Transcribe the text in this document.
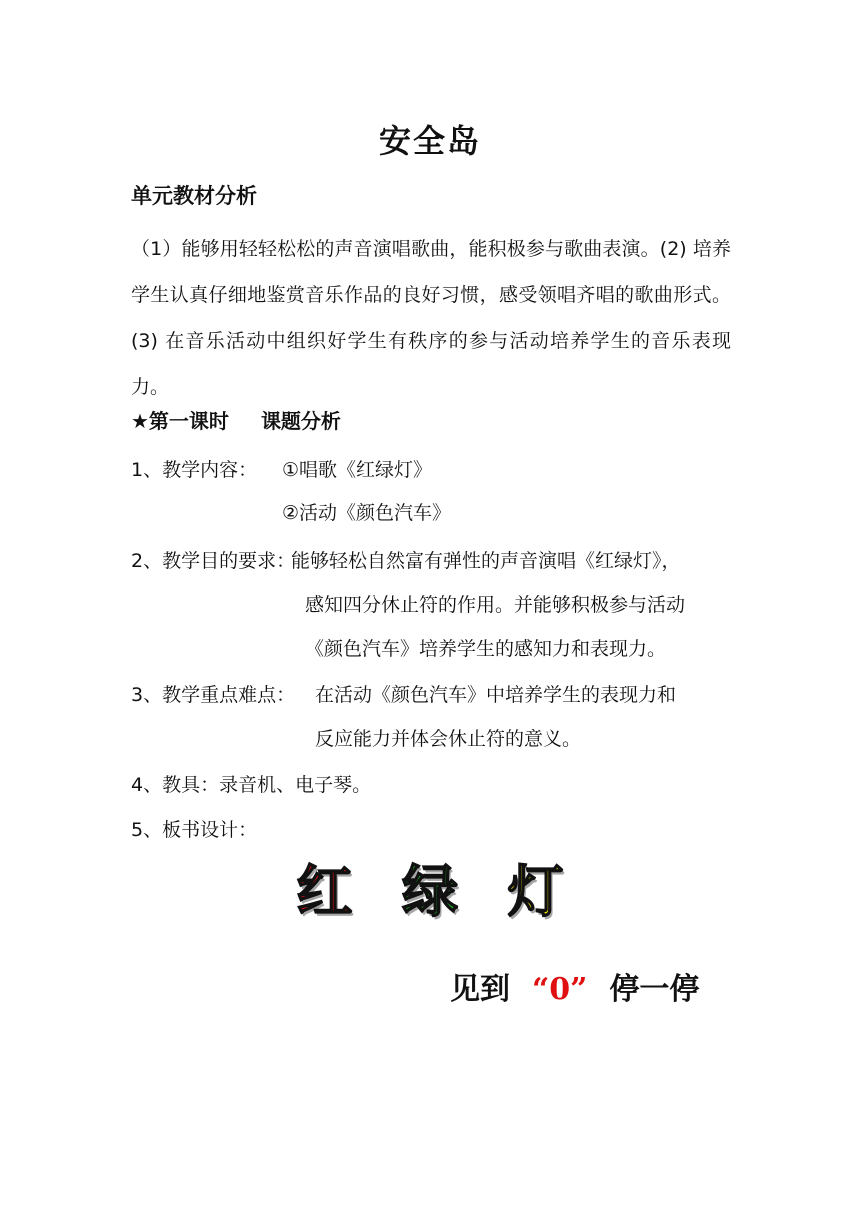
安全岛
单元教材分析
（1）能够用轻轻松松的声音演唱歌曲，能积极参与歌曲表演。(2) 培养学生认真仔细地鉴赏音乐作品的良好习惯，感受领唱齐唱的歌曲形式。(3) 在音乐活动中组织好学生有秩序的参与活动培养学生的音乐表现力。
★第一课时 课题分析
1、教学内容： ①唱歌《红绿灯》
②活动《颜色汽车》
2、教学目的要求：
能够轻松自然富有弹性的声音演唱《红绿灯》，
感知四分休止符的作用。并能够积极参与活动
《颜色汽车》培养学生的感知力和表现力。
3、教学重点难点： 在活动《颜色汽车》中培养学生的表现力和
反应能力并体会休止符的意义。
4、教具：录音机、电子琴。
5、板书设计：
红 绿 灯
见到 “0” 停一停
